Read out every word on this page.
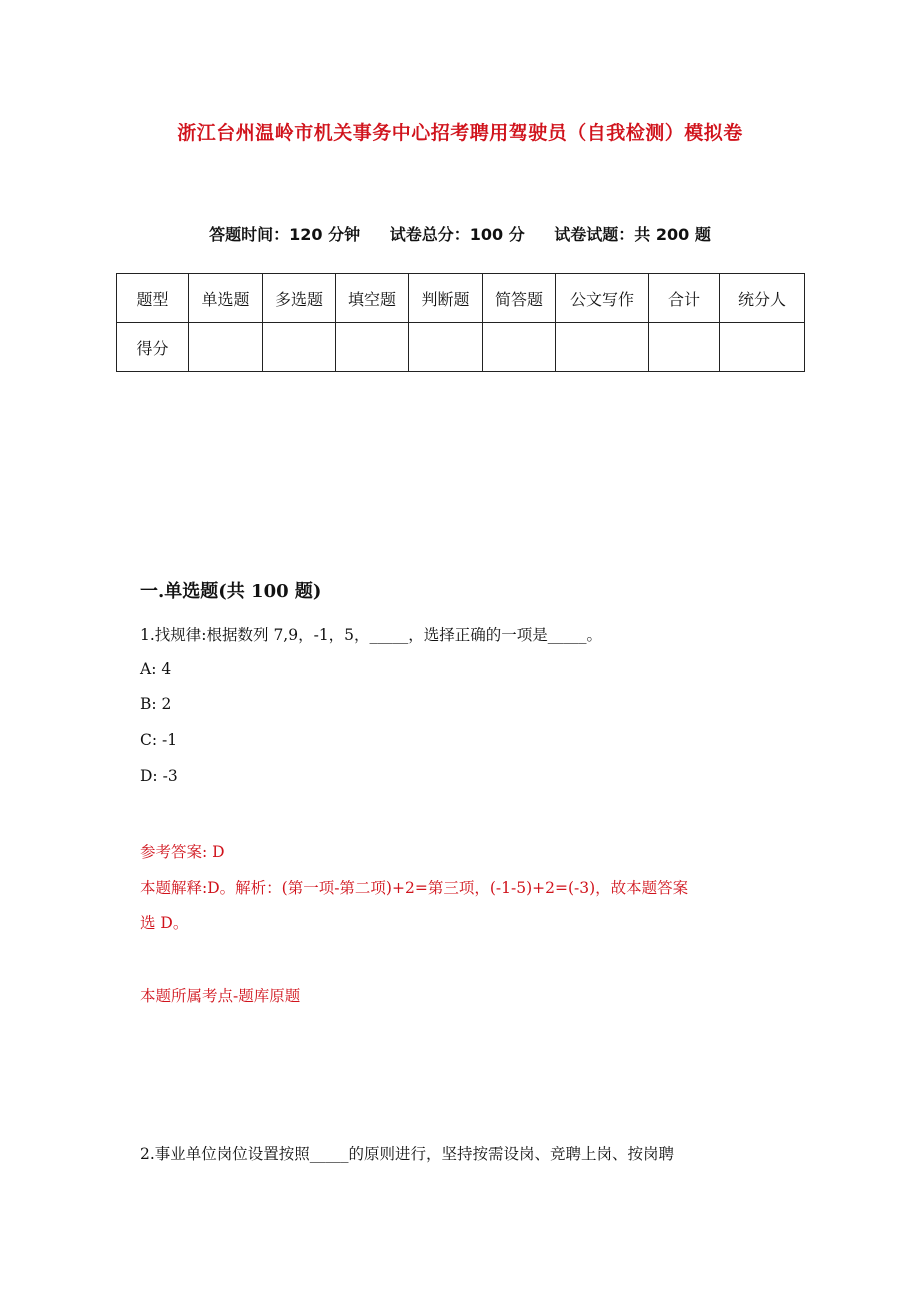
浙江台州温岭市机关事务中心招考聘用驾驶员（自我检测）模拟卷
答题时间：120 分钟 试卷总分：100 分 试卷试题：共 200 题
题型	单选题	多选题	填空题	判断题	简答题	公文写作	合计	统分人
得分								
一.单选题(共 100 题)
1.找规律:根据数列 7,9，-1，5，_____，选择正确的一项是_____。
A: 4
B: 2
C: -1
D: -3
参考答案: D
本题解释:D。解析：(第一项-第二项)+2=第三项，(-1-5)+2=(-3)，故本题答案
选 D。
本题所属考点-题库原题
2.事业单位岗位设置按照_____的原则进行，坚持按需设岗、竞聘上岗、按岗聘
